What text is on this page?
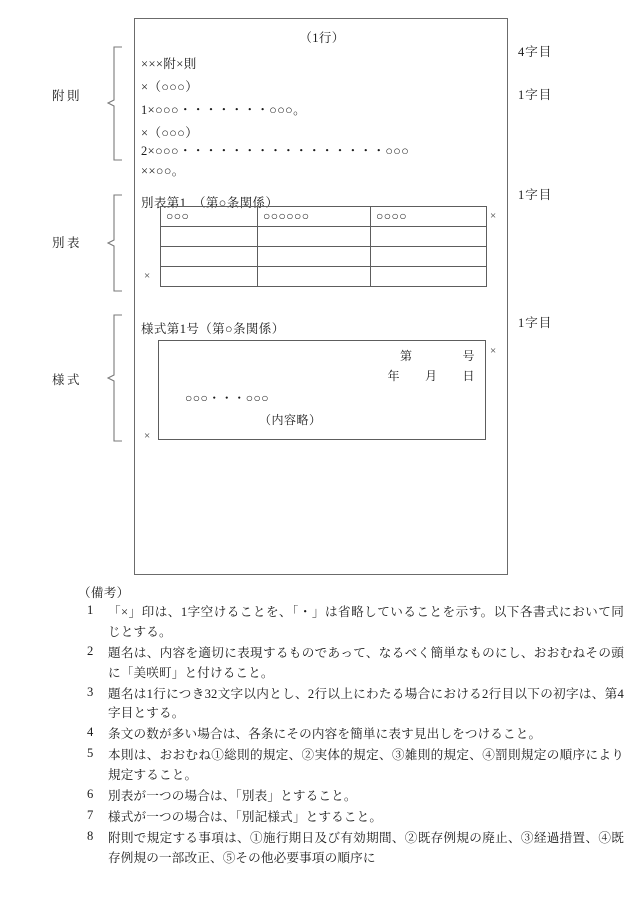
附則
別表
様式
（1行）
×××附×則
×（○○○）
1×○○○・・・・・・・○○○。
×（○○○）
2×○○○・・・・・・・・・・・・・・・・○○○
××○○。
別表第1　（第○条関係）
様式第1号（第○条関係）
○○○	○○○○○○	○○○○

			×
×
第　　　　号
年　　月　　日
○○○・・・○○○
（内容略）
×
×
4字目
1字目
1字目
1字目
（備考）
1	「×」印は、1字空けることを、「・」は省略していることを示す。以下各書式において同じとする。
2	題名は、内容を適切に表現するものであって、なるべく簡単なものにし、おおむねその頭に「美咲町」と付けること。
3	題名は1行につき32文字以内とし、2行以上にわたる場合における2行目以下の初字は、第4字目とする。
4	条文の数が多い場合は、各条にその内容を簡単に表す見出しをつけること。
5	本則は、おおむね①総則的規定、②実体的規定、③雑則的規定、④罰則規定の順序により規定すること。
6	別表が一つの場合は、「別表」とすること。
7	様式が一つの場合は、「別記様式」とすること。
8	附則で規定する事項は、①施行期日及び有効期間、②既存例規の廃止、③経過措置、④既存例規の一部改正、⑤その他必要事項の順序に
